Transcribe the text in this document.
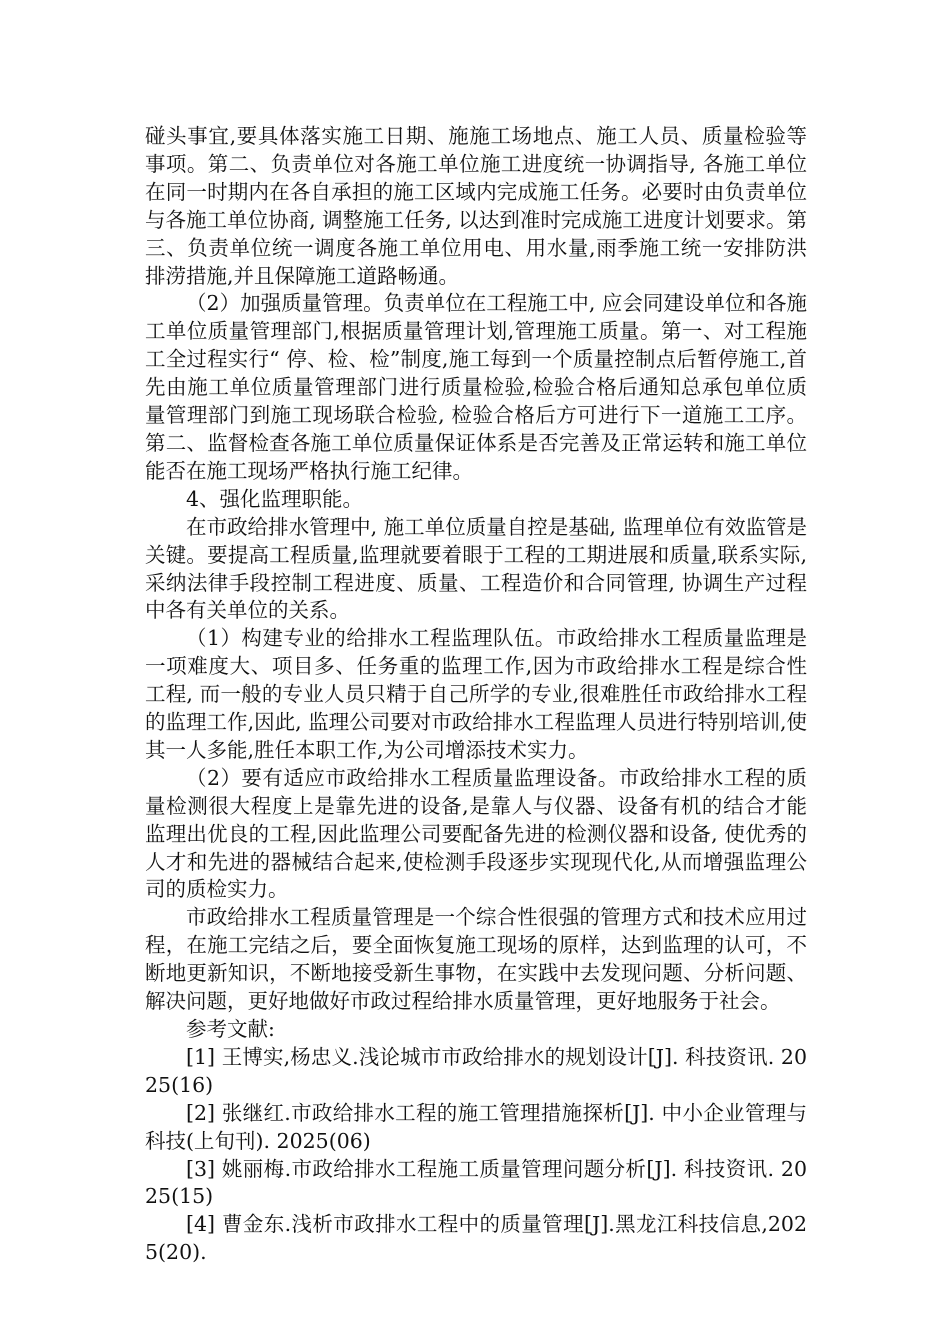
碰头事宜,要具体落实施工日期、施施工场地点、施工人员、质量检验等事项。第二、负责单位对各施工单位施工进度统一协调指导, 各施工单位在同一时期内在各自承担的施工区域内完成施工任务。必要时由负责单位与各施工单位协商, 调整施工任务, 以达到准时完成施工进度计划要求。第三、负责单位统一调度各施工单位用电、用水量,雨季施工统一安排防洪排涝措施,并且保障施工道路畅通。

（2）加强质量管理。负责单位在工程施工中, 应会同建设单位和各施工单位质量管理部门,根据质量管理计划,管理施工质量。第一、对工程施工全过程实行“ 停、检、检”制度,施工每到一个质量控制点后暂停施工,首先由施工单位质量管理部门进行质量检验,检验合格后通知总承包单位质量管理部门到施工现场联合检验, 检验合格后方可进行下一道施工工序。第二、监督检查各施工单位质量保证体系是否完善及正常运转和施工单位能否在施工现场严格执行施工纪律。

4、强化监理职能。

在市政给排水管理中, 施工单位质量自控是基础, 监理单位有效监管是关键。要提高工程质量,监理就要着眼于工程的工期进展和质量,联系实际,采纳法律手段控制工程进度、质量、工程造价和合同管理, 协调生产过程中各有关单位的关系。

（1）构建专业的给排水工程监理队伍。市政给排水工程质量监理是一项难度大、项目多、任务重的监理工作,因为市政给排水工程是综合性工程, 而一般的专业人员只精于自己所学的专业,很难胜任市政给排水工程的监理工作,因此, 监理公司要对市政给排水工程监理人员进行特别培训,使其一人多能,胜任本职工作,为公司增添技术实力。

（2）要有适应市政给排水工程质量监理设备。市政给排水工程的质量检测很大程度上是靠先进的设备,是靠人与仪器、设备有机的结合才能监理出优良的工程,因此监理公司要配备先进的检测仪器和设备, 使优秀的人才和先进的器械结合起来,使检测手段逐步实现现代化,从而增强监理公司的质检实力。

市政给排水工程质量管理是一个综合性很强的管理方式和技术应用过程，在施工完结之后，要全面恢复施工现场的原样，达到监理的认可，不断地更新知识，不断地接受新生事物，在实践中去发现问题、分析问题、解决问题，更好地做好市政过程给排水质量管理，更好地服务于社会。

参考文献:

[1] 王博实,杨忠义.浅论城市市政给排水的规划设计[J]. 科技资讯. 2025(16)

[2] 张继红.市政给排水工程的施工管理措施探析[J]. 中小企业管理与科技(上旬刊). 2025(06)

[3] 姚丽梅.市政给排水工程施工质量管理问题分析[J]. 科技资讯. 2025(15)

[4] 曹金东.浅析市政排水工程中的质量管理[J].黑龙江科技信息,2025(20).
